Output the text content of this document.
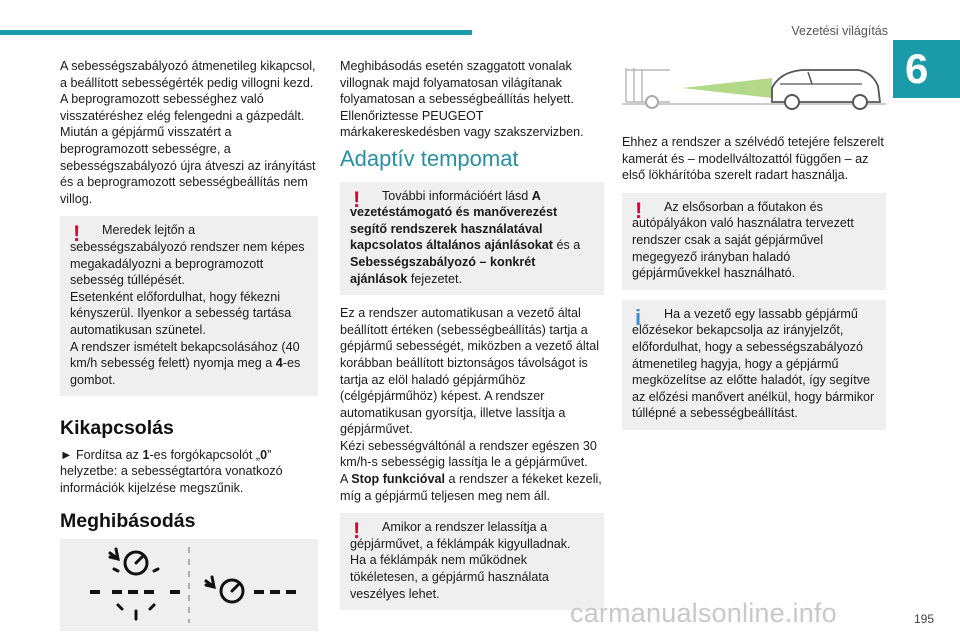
Vezetési világítás
6

A sebességszabályozó átmenetileg kikapcsol, a beállított sebességérték pedig villogni kezd.
A beprogramozott sebességhez való visszatéréshez elég felengedni a gázpedált.
Miután a gépjármű visszatért a beprogramozott sebességre, a sebességszabályozó újra átveszi az irányítást és a beprogramozott sebességbeállítás nem villog.

!	Meredek lejtőn a sebességszabályozó rendszer nem képes megakadályozni a beprogramozott sebesség túllépését.
Esetenként előfordulhat, hogy fékezni kényszerül. Ilyenkor a sebesség tartása automatikusan szünetel.
A rendszer ismételt bekapcsolásához (40 km/h sebesség felett) nyomja meg a 4-es gombot.
Kikapcsolás

► Fordítsa az 1-es forgókapcsolót „0” helyzetbe: a sebességtartóra vonatkozó információk kijelzése megszűnik.

Meghibásodás

Meghibásodás esetén szaggatott vonalak villognak majd folyamatosan világítanak folyamatosan a sebességbeállítás helyett. Ellenőriztesse PEUGEOT márkakereskedésben vagy szakszervizben.

Adaptív tempomat
!	További információért lásd A vezetéstámogató és manőverezést segítő rendszerek használatával kapcsolatos általános ajánlásokat és a Sebességszabályozó – konkrét ajánlások fejezetet.

Ez a rendszer automatikusan a vezető által beállított értéken (sebességbeállítás) tartja a gépjármű sebességét, miközben a vezető által korábban beállított biztonságos távolságot is tartja az elöl haladó gépjárműhöz (célgépjárműhöz) képest. A rendszer automatikusan gyorsítja, illetve lassítja a gépjárművet.
Kézi sebességváltónál a rendszer egészen 30 km/h-s sebességig lassítja le a gépjárművet.
A Stop funkcióval a rendszer a fékeket kezeli, míg a gépjármű teljesen meg nem áll.

!	Amikor a rendszer lelassítja a gépjárművet, a féklámpák kigyulladnak.
Ha a féklámpák nem működnek tökéletesen, a gépjármű használata veszélyes lehet.

Ehhez a rendszer a szélvédő tetejére felszerelt kamerát és – modellváltozattól függően – az első lökhárítóba szerelt radart használja.

!	Az elsősorban a főutakon és autópályákon való használatra tervezett rendszer csak a saját gépjárművel megegyező irányban haladó gépjárművekkel használható.
i	Ha a vezető egy lassabb gépjármű előzésekor bekapcsolja az irányjelzőt, előfordulhat, hogy a sebességszabályozó átmenetileg hagyja, hogy a gépjármű megközelítse az előtte haladót, így segítve az előzési manővert anélkül, hogy bármikor túllépné a sebességbeállítást.
carmanualsonline.info	195
